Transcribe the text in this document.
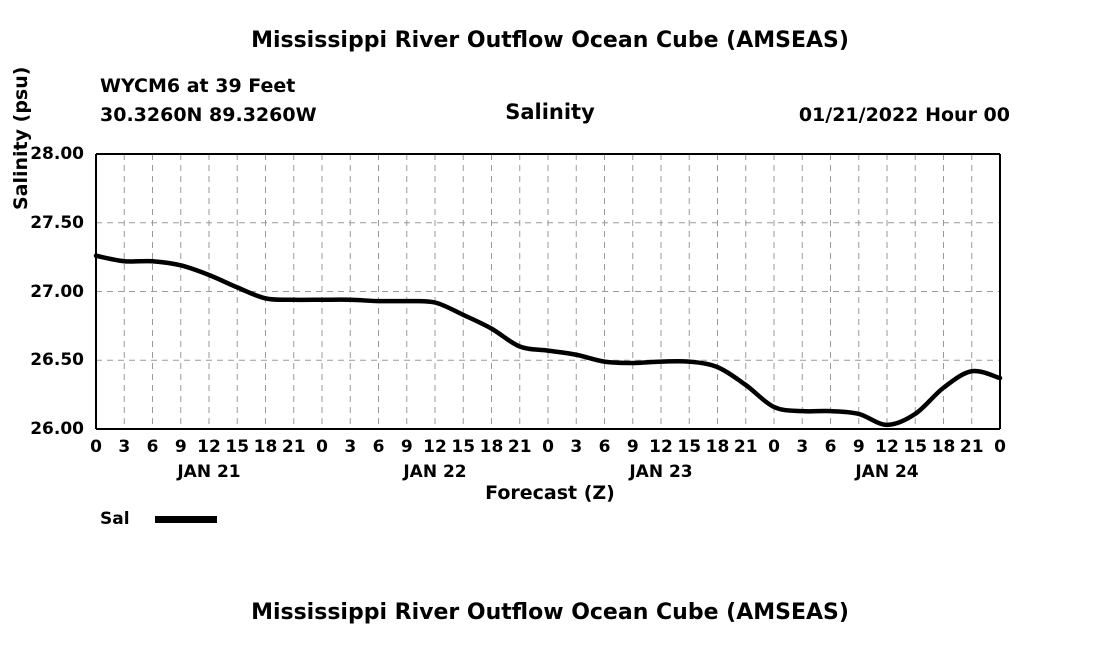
Mississippi River Outflow Ocean Cube (AMSEAS)
WYCM6 at 39 Feet
30.3260N 89.3260W	Salinity	01/21/2022 Hour 00
Salinity (psu)
Forecast (Z)
28.00
27.50
27.00
26.50
26.00
0 3 6 9 12 15 18 21 0 3 6 9 12 15 18 21 0 3 6 9 12 15 18 21 0 3 6 9 12 15 18 21 0
JAN 21	JAN 22	JAN 23	JAN 24
Sal
Mississippi River Outflow Ocean Cube (AMSEAS)
